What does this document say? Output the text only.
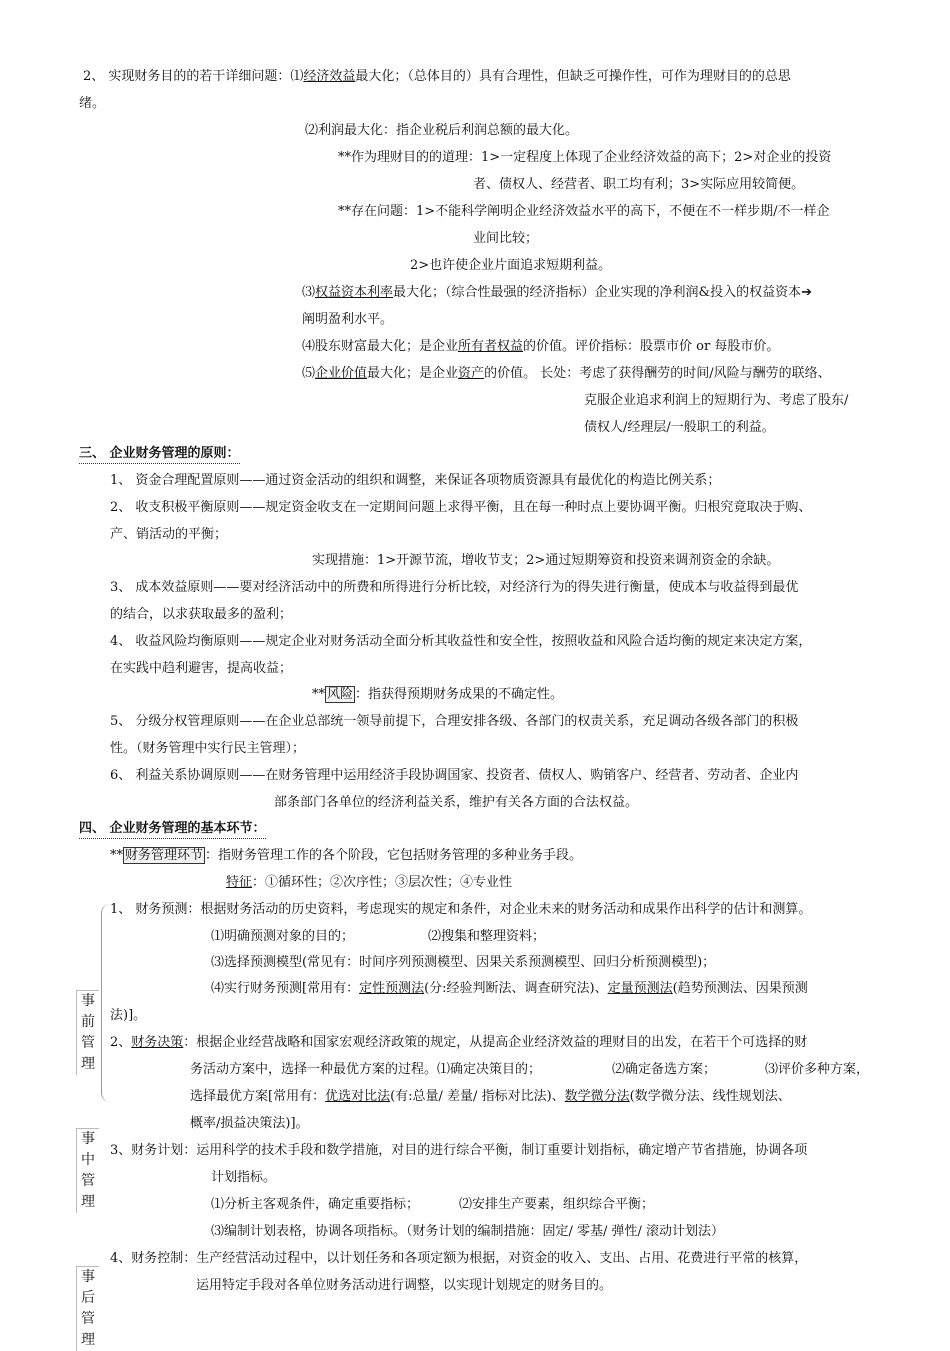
2、 实现财务目的的若干详细问题：⑴经济效益最大化；（总体目的）具有合理性，但缺乏可操作性，可作为理财目的的总思
绪。
⑵利润最大化：指企业税后利润总额的最大化。
**作为理财目的的道理：1>一定程度上体现了企业经济效益的高下；2>对企业的投资
者、债权人、经营者、职工均有利；3>实际应用较简便。
**存在问题：1>不能科学阐明企业经济效益水平的高下，不便在不一样步期/不一样企
业间比较；
2>也许使企业片面追求短期利益。
⑶权益资本利率最大化；（综合性最强的经济指标）企业实现的净利润&投入的权益资本➔
阐明盈利水平。
⑷股东财富最大化；是企业所有者权益的价值。评价指标：股票市价 or 每股市价。
⑸企业价值最大化；是企业资产的价值。 长处：考虑了获得酬劳的时间/风险与酬劳的联络、
克服企业追求利润上的短期行为、考虑了股东/
债权人/经理层/一般职工的利益。
三、 企业财务管理的原则：
1、 资金合理配置原则——通过资金活动的组织和调整，来保证各项物质资源具有最优化的构造比例关系；
2、 收支积极平衡原则——规定资金收支在一定期间问题上求得平衡，且在每一种时点上要协调平衡。归根究竟取决于购、
产、销活动的平衡；
实现措施：1>开源节流，增收节支；2>通过短期筹资和投资来调剂资金的余缺。
3、 成本效益原则——要对经济活动中的所费和所得进行分析比较，对经济行为的得失进行衡量，使成本与收益得到最优
的结合，以求获取最多的盈利；
4、 收益风险均衡原则——规定企业对财务活动全面分析其收益性和安全性，按照收益和风险合适均衡的规定来决定方案，
在实践中趋利避害，提高收益；
** 风险 ：指获得预期财务成果的不确定性。
5、 分级分权管理原则——在企业总部统一领导前提下，合理安排各级、各部门的权责关系，充足调动各级各部门的积极
性。（财务管理中实行民主管理）；
6、 利益关系协调原则——在财务管理中运用经济手段协调国家、投资者、债权人、购销客户、经营者、劳动者、企业内
部条部门各单位的经济利益关系，维护有关各方面的合法权益。
四、 企业财务管理的基本环节：
** 财务管理环节 ：指财务管理工作的各个阶段，它包括财务管理的多种业务手段。
特征：①循环性；②次序性；③层次性；④专业性
1、 财务预测：根据财务活动的历史资料，考虑现实的规定和条件，对企业未来的财务活动和成果作出科学的估计和测算。
⑴明确预测对象的目的；	⑵搜集和整理资料；
⑶选择预测模型(常见有：时间序列预测模型、因果关系预测模型、回归分析预测模型)；
⑷实行财务预测[常用有：定性预测法(分:经验判断法、调查研究法)、定量预测法(趋势预测法、因果预测
法)]。
2、财务决策：根据企业经营战略和国家宏观经济政策的规定，从提高企业经济效益的理财目的出发，在若干个可选择的财
务活动方案中，选择一种最优方案的过程。⑴确定决策目的；	⑵确定备选方案；	⑶评价多种方案，
选择最优方案[常用有：优选对比法(有:总量/ 差量/ 指标对比法)、数学微分法(数学微分法、线性规划法、
概率/损益决策法)]。
3、财务计划：运用科学的技术手段和数学措施，对目的进行综合平衡，制订重要计划指标，确定增产节省措施，协调各项
计划指标。
⑴分析主客观条件，确定重要指标；	⑵安排生产要素，组织综合平衡；
⑶编制计划表格，协调各项指标。（财务计划的编制措施：固定/ 零基/ 弹性/ 滚动计划法）
4、财务控制：生产经营活动过程中，以计划任务和各项定额为根据，对资金的收入、支出、占用、花费进行平常的核算，
运用特定手段对各单位财务活动进行调整，以实现计划规定的财务目的。
事
前
管
理
事
中
管
理
事
后
管
理
